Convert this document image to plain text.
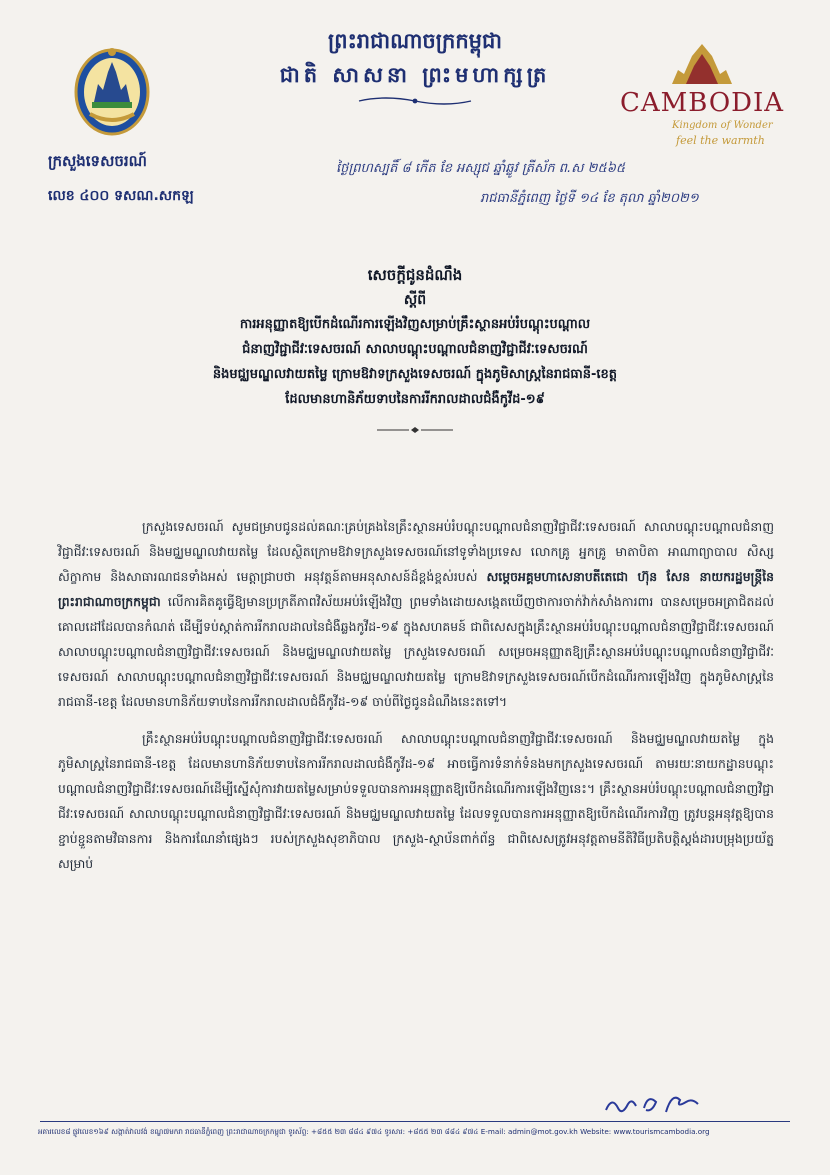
ព្រះរាជាណាចក្រកម្ពុជា
ជាតិ សាសនា ព្រះមហាក្សត្រ
CAMBODIA
Kingdom of Wonder
feel the warmth
ក្រសួងទេសចរណ៍
លេខ ៤០០ ទសណ.សកឡ
ថ្ងៃព្រហស្បតិ៍ ៨ កើត ខែ អស្សុជ ឆ្នាំឆ្លូវ ត្រីស័ក ព.ស ២៥៦៥
រាជធានីភ្នំពេញ ថ្ងៃទី ១៤ ខែ តុលា ឆ្នាំ២០២១
សេចក្តីជូនដំណឹង
ស្តីពី
ការអនុញ្ញាតឱ្យបើកដំណើរការឡើងវិញសម្រាប់គ្រឹះស្ថានអប់រំបណ្តុះបណ្តាល
ជំនាញវិជ្ជាជីវៈទេសចរណ៍ សាលាបណ្តុះបណ្តាលជំនាញវិជ្ជាជីវៈទេសចរណ៍
និងមជ្ឈមណ្ឌលវាយតម្លៃ ក្រោមឱវាទក្រសួងទេសចរណ៍ ក្នុងភូមិសាស្ត្រនៃរាជធានី-ខេត្ត
ដែលមានហានិភ័យទាបនៃការរីករាលដាលជំងឺកូវីដ-១៩

ក្រសួងទេសចរណ៍ សូមជម្រាបជូនដល់គណៈគ្រប់គ្រងនៃគ្រឹះស្ថានអប់រំបណ្តុះបណ្តាលជំនាញវិជ្ជាជីវៈទេសចរណ៍ សាលាបណ្តុះបណ្តាលជំនាញវិជ្ជាជីវៈទេសចរណ៍ និងមជ្ឈមណ្ឌលវាយតម្លៃ ដែលស្ថិតក្រោមឱវាទក្រសួងទេសចរណ៍នៅទូទាំងប្រទេស លោកគ្រូ អ្នកគ្រូ មាតាបិតា អាណាព្យាបាល សិស្ស សិក្ខាកាម និងសាធារណជនទាំងអស់ មេត្តាជ្រាបថា អនុវត្តន៍តាមអនុសាសន៍ដ៏ខ្ពង់ខ្ពស់របស់ សម្តេចអគ្គមហាសេនាបតីតេជោ ហ៊ុន សែន នាយករដ្ឋមន្ត្រីនៃព្រះរាជាណាចក្រកម្ពុជា លើការគិតគូធ្វើឱ្យមានប្រក្រតីភាពវិស័យអប់រំឡើងវិញ ព្រមទាំងដោយសង្កេតឃើញថាការចាក់វ៉ាក់សាំងការពារ បានសម្រេចអត្រាជិតដល់គោលដៅដែលបានកំណត់ ដើម្បីទប់ស្កាត់ការរីករាលដាលនៃជំងឺឆ្លងកូវីដ-១៩ ក្នុងសហគមន៍ ជាពិសេសក្នុងគ្រឹះស្ថានអប់រំបណ្តុះបណ្តាលជំនាញវិជ្ជាជីវៈទេសចរណ៍ សាលាបណ្តុះបណ្តាលជំនាញវិជ្ជាជីវៈទេសចរណ៍ និងមជ្ឈមណ្ឌលវាយតម្លៃ ក្រសួងទេសចរណ៍ សម្រេចអនុញ្ញាតឱ្យគ្រឹះស្ថានអប់រំបណ្តុះបណ្តាលជំនាញវិជ្ជាជីវៈទេសចរណ៍ សាលាបណ្តុះបណ្តាលជំនាញវិជ្ជាជីវៈទេសចរណ៍ និងមជ្ឈមណ្ឌលវាយតម្លៃ ក្រោមឱវាទក្រសួងទេសចរណ៍បើកដំណើរការឡើងវិញ ក្នុងភូមិសាស្ត្រនៃរាជធានី-ខេត្ត ដែលមានហានិភ័យទាបនៃការរីករាលដាលជំងឺកូវីដ-១៩ ចាប់ពីថ្ងៃជូនដំណឹងនេះតទៅ។

គ្រឹះស្ថានអប់រំបណ្តុះបណ្តាលជំនាញវិជ្ជាជីវៈទេសចរណ៍ សាលាបណ្តុះបណ្តាលជំនាញវិជ្ជាជីវៈទេសចរណ៍ និងមជ្ឈមណ្ឌលវាយតម្លៃ ក្នុងភូមិសាស្ត្រនៃរាជធានី-ខេត្ត ដែលមានហានិភ័យទាបនៃការរីករាលដាលជំងឺកូវីដ-១៩ អាចធ្វើការទំនាក់ទំនងមកក្រសួងទេសចរណ៍ តាមរយៈនាយកដ្ឋានបណ្តុះបណ្តាលជំនាញវិជ្ជាជីវៈទេសចរណ៍ដើម្បីស្នើសុំការវាយតម្លៃសម្រាប់ទទួលបានការអនុញ្ញាតឱ្យបើកដំណើរការឡើងវិញនេះ។ គ្រឹះស្ថានអប់រំបណ្តុះបណ្តាលជំនាញវិជ្ជាជីវៈទេសចរណ៍ សាលាបណ្តុះបណ្តាលជំនាញវិជ្ជាជីវៈទេសចរណ៍ និងមជ្ឈមណ្ឌលវាយតម្លៃ ដែលទទួលបានការអនុញ្ញាតឱ្យបើកដំណើរការវិញ ត្រូវបន្តអនុវត្តឱ្យបានខ្ជាប់ខ្ជួនតាមវិធានការ និងការណែនាំផ្សេងៗ របស់ក្រសួងសុខាភិបាល ក្រសួង-ស្ថាប័នពាក់ព័ន្ធ ជាពិសេសត្រូវអនុវត្តតាមនីតិវិធីប្រតិបត្តិស្តង់ដារបម្រុងប្រយ័ត្នសម្រាប់

អគារលេខ៨ ផ្លូវលេខ១៦៩ សង្កាត់វាលវង់ ខណ្ឌ៧មករា រាជធានីភ្នំពេញ ព្រះរាជាណាចក្រកម្ពុជា ទូរស័ព្ទ: +៨៥៥ ២៣ ៨៨៤ ៩៧៤ ទូរសារ: +៨៥៥ ២៣ ៨៨៤ ៩៧៤ E-mail: admin@mot.gov.kh Website: www.tourismcambodia.org
